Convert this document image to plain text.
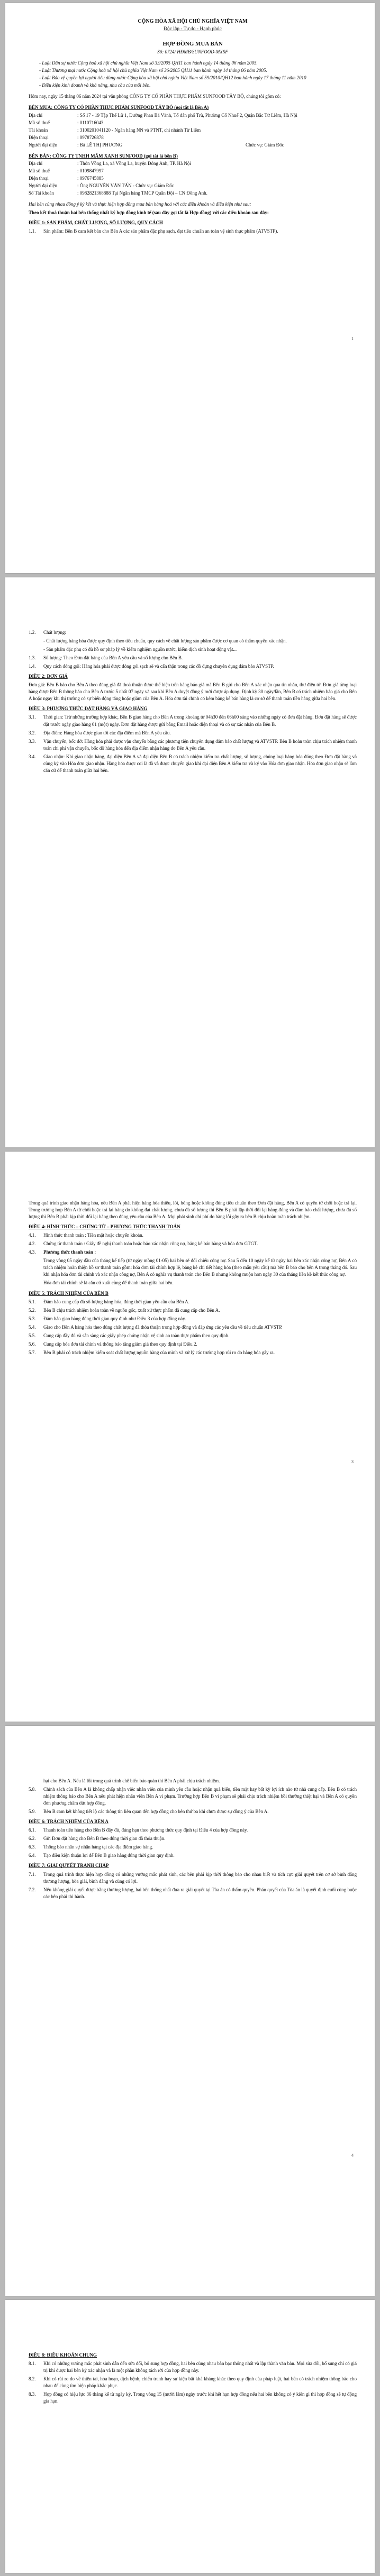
CỘNG HÒA XÃ HỘI CHỦ NGHĨA VIỆT NAM
Độc lập - Tự do - Hạnh phúc
HỢP ĐỒNG MUA BÁN
Số: 0724/ HĐMB/SUNFOOD-MXSF
- Luật Dân sự nước Cộng hoà xã hội chủ nghĩa Việt Nam số 33/2005 QH11 ban hành ngày 14 tháng 06 năm 2005.
- Luật Thương mại nước Cộng hoà xã hội chủ nghĩa Việt Nam số 36/2005 QH11 ban hành ngày 14 tháng 06 năm 2005.
- Luật Bảo vệ quyền lợi người tiêu dùng nước Cộng hòa xã hội chủ nghĩa Việt Nam số 59/2010/QH12 ban hành ngày 17 tháng 11 năm 2010
- Điều kiện kinh doanh và khả năng, nhu cầu của mỗi bên.

Hôm nay, ngày 15 tháng 06 năm 2024 tại văn phòng CÔNG TY CỔ PHẦN THỰC PHẨM SUNFOOD TÂY BỘ, chúng tôi gồm có:

BÊN MUA: CÔNG TY CỔ PHẦN THỰC PHẨM SUNFOOD TÂY BỘ (gọi tắt là Bên A)
Địa chỉ	: Số 17 - 19 Tập Thể Lữ 1, Đường Phan Bá Vành, Tổ dân phố Trù, Phường Cổ Nhuế 2, Quận Bắc Từ Liêm, Hà Nội
Mã số thuế	: 0110716043
Tài khoản	: 3100201041120 - Ngân hàng NN và PTNT, chi nhánh Từ Liêm
Điện thoại	: 0978726878
Người đại diện	: Bà LÊ THỊ PHƯƠNG	Chức vụ: Giám Đốc
BÊN BÁN: CÔNG TY TNHH MĂM XANH SUNFOOD (gọi tắt là bên B)
Địa chỉ	: Thôn Vồng La, xã Vồng La, huyện Đông Anh, TP. Hà Nội
Mã số thuế	: 0109847997
Điện thoại	: 0976745885
Người đại diện	: Ông NGUYỄN VĂN TẤN - Chức vụ: Giám Đốc
Số Tài khoản	: 0982821368888 Tại Ngân hàng TMCP Quân Đội – CN Đông Anh.

Hai bên cùng nhau đồng ý ký kết và thực hiện hợp đồng mua bán hàng hoá với các điều khoản và điều kiện như sau:

Theo kết thoả thuận hai bên thống nhất ký hợp đồng kinh tế (sau đây gọi tắt là Hợp đồng) với các điều khoản sau đây:

ĐIỀU 1: SẢN PHẨM, CHẤT LƯỢNG, SỐ LƯỢNG, QUY CÁCH
1.1.	Sản phẩm: Bên B cam kết bán cho Bên A các sản phẩm đặc phụ sạch, đạt tiêu chuẩn an toàn vệ sinh thực phẩm (ATVSTP).
1
1.2.	Chất lượng:

- Chất lượng hàng hóa được quy định theo tiêu chuẩn, quy cách về chất lượng sản phẩm được cơ quan có thẩm quyền xác nhận.

- Sản phẩm đặc phụ có đủ hồ sơ pháp lý về kiểm nghiệm nguồn nước, kiểm dịch sinh hoạt động vật...

1.3.	Số lượng: Theo Đơn đặt hàng của Bên A yêu cầu và số lượng cho Bên B.
1.4.	Quy cách đóng gói: Hàng hóa phải được đóng gói sạch sẽ và cẩn thận trong các đồ đựng chuyên dụng đảm bảo ATVSTP.
ĐIỀU 2: ĐƠN GIÁ

Đơn giá: Bên B báo cho Bên A theo đúng giá đã thoả thuận được thể hiện trên bảng báo giá mà Bên B gửi cho Bên A xác nhận qua tin nhắn, thư điện tử. Đơn giá từng loại hàng được Bên B thông báo cho Bên A trước 5 nhất 07 ngày và sau khi Bên A duyệt đồng ý mới được áp dụng. Định kỳ 30 ngày/lần, Bên B có trách nhiệm báo giá cho Bên A hoặc ngay khi thị trường có sự biến động tăng hoặc giảm của Bên A. Hóa đơn tài chính có kèm bảng kê bán hàng là cơ sở để thanh toán tiền hàng giữa hai bên.

ĐIỀU 3: PHƯƠNG THỨC ĐẶT HÀNG VÀ GIAO HÀNG
3.1.	Thời gian: Trừ những trường hợp khác, Bên B giao hàng cho Bên A trong khoảng từ 04h30 đến 06h00 sáng vào những ngày có đơn đặt hàng. Đơn đặt hàng sẽ được đặt trước ngày giao hàng 01 (một) ngày. Đơn đặt hàng được gửi bằng Email hoặc điện thoại và có sự xác nhận của Bên B.
3.2.	Địa điểm: Hàng hóa được giao tới các địa điểm mà Bên A yêu cầu.
3.3.	Vận chuyển, bốc dỡ: Hàng hóa phải được vận chuyển bằng các phương tiện chuyên dụng đảm bảo chất lượng và ATVSTP. Bên B hoàn toàn chịu trách nhiệm thanh toán chi phí vận chuyển, bốc dỡ hàng hóa đến địa điểm nhận hàng do Bên A yêu cầu.
3.4.	Giao nhận: Khi giao nhận hàng, đại diện Bên A và đại diện Bên B có trách nhiệm kiểm tra chất lượng, số lượng, chủng loại hàng hóa đúng theo Đơn đặt hàng và cùng ký vào Hóa đơn giao nhận. Hàng hóa được coi là đã và được chuyển giao khi đại diện Bên A kiểm tra và ký vào Hóa đơn giao nhận. Hóa đơn giao nhận sẽ làm căn cứ để thanh toán giữa hai bên.

Trong quá trình giao nhận hàng hóa, nếu Bên A phát hiện hàng hóa thiếu, lỗi, hỏng hoặc không đúng tiêu chuẩn theo Đơn đặt hàng, Bên A có quyền từ chối hoặc trả lại. Trong trường hợp Bên A từ chối hoặc trả lại hàng do không đạt chất lượng, chưa đủ số lượng thì Bên B phải lập thời đổi lại hàng đúng và đảm bảo chất lượng, chưa đủ số lượng thì Bên B phải kịp thời đổi lại hàng theo đúng yêu cầu của Bên A. Mọi phát sinh chi phí do hàng lỗi gây ra bên B chịu hoàn toàn trách nhiệm.

ĐIỀU 4: HÌNH THỨC – CHỨNG TỪ – PHƯƠNG THỨC THANH TOÁN
4.1.	Hình thức thanh toán : Tiền mặt hoặc chuyển khoản.
4.2.	Chứng từ thanh toán : Giấy đề nghị thanh toán hoặc bảo xác nhận công nợ, bảng kê bán hàng và hóa đơn GTGT.
4.3.	Phương thức thanh toán :

Trong vòng 05 ngày đầu của tháng kế tiếp (từ ngày mồng 01-05) hai bên sẽ đối chiếu công nợ. Sau 5 đến 10 ngày kể từ ngày hai bên xác nhận công nợ, Bên A có trách nhiệm hoàn thiện hồ sơ thanh toán gồm: hóa đơn tài chính hợp lệ, bảng kê chi tiết hàng hóa (theo mẫu yêu cầu) mà bên B báo cho bên A trong tháng đó. Sau khi nhận hóa đơn tài chính và xác nhận công nợ, Bên A có nghĩa vụ thanh toán cho Bên B nhưng không muộn hơn ngày 30 của tháng liền kề kết thúc công nợ.

Hóa đơn tài chính sẽ là căn cứ xuất cùng để thanh toán giữa hai bên.

ĐIỀU 5: TRÁCH NHIỆM CỦA BÊN B
5.1.	Đảm bảo cung cấp đủ số lượng hàng hóa, đúng thời gian yêu cầu của Bên A.
5.2.	Bên B chịu trách nhiệm hoàn toàn về nguồn gốc, xuất xứ thực phẩm đã cung cấp cho Bên A.
5.3.	Đảm bảo giao hàng đúng thời gian quy định như Điều 3 của hợp đồng này.
5.4.	Giao cho Bên A hàng hóa theo đúng chất lượng đã thỏa thuận trong hợp đồng và đáp ứng các yêu cầu về tiêu chuẩn ATVSTP.
5.5.	Cung cấp đầy đủ và sẵn sàng các giấy phép chứng nhận vệ sinh an toàn thực phẩm theo quy định.
5.6.	Cung cấp hóa đơn tài chính và thông báo tăng giảm giá theo quy định tại Điều 2.
5.7.	Bên B phải có trách nhiệm kiểm soát chất lượng nguồn hàng của mình và xử lý các trường hợp rủi ro do hàng hóa gây ra.
3

hại cho Bên A. Nếu là lỗi trong quá trình chế biến bảo quản thì Bên A phải chịu trách nhiệm.

5.8.	Chính sách của Bên A là không chấp nhận việc nhân viên của mình yêu cầu hoặc nhận quà biếu, tiền mặt hay bất kỳ lợi ích nào từ nhà cung cấp. Bên B có trách nhiệm thông báo cho Bên A nếu phát hiện nhân viên Bên A vi phạm. Trường hợp Bên B vi phạm sẽ phải chịu trách nhiệm bồi thường thiệt hại và Bên A có quyền đơn phương chấm dứt hợp đồng.
5.9.	Bên B cam kết không tiết lộ các thông tin liên quan đến hợp đồng cho bên thứ ba khi chưa được sự đồng ý của Bên A.
ĐIỀU 6: TRÁCH NHIỆM CỦA BÊN A
6.1.	Thanh toán tiền hàng cho Bên B đầy đủ, đúng hạn theo phương thức quy định tại Điều 4 của hợp đồng này.
6.2.	Gửi Đơn đặt hàng cho Bên B theo đúng thời gian đã thỏa thuận.
6.3.	Thông báo nhân sự nhận hàng tại các địa điểm giao hàng.
6.4.	Tạo điều kiện thuận lợi để Bên B giao hàng đúng thời gian quy định.
ĐIỀU 7: GIẢI QUYẾT TRANH CHẤP
7.1.	Trong quá trình thực hiện hợp đồng có những vướng mắc phát sinh, các bên phải kịp thời thông báo cho nhau biết và tích cực giải quyết trên cơ sở bình đẳng thương lượng, hòa giải, bình đẳng và cùng có lợi.
7.2.	Nếu không giải quyết được bằng thương lượng, hai bên thống nhất đưa ra giải quyết tại Tòa án có thẩm quyền. Phán quyết của Tòa án là quyết định cuối cùng buộc các bên phải thi hành.
4
ĐIỀU 8: ĐIỀU KHOẢN CHUNG
8.1.	Khi có những vướng mắc phát sinh dẫn đến sửa đổi, bổ sung hợp đồng, hai bên cùng nhau bàn bạc thống nhất và lập thành văn bản. Mọi sửa đổi, bổ sung chỉ có giá trị khi được hai bên ký xác nhận và là một phần không tách rời của hợp đồng này.
8.2.	Khi có rủi ro do về thiên tai, hỏa hoạn, dịch bệnh, chiến tranh hay sự kiện bất khả kháng khác theo quy định của pháp luật, hai bên có trách nhiệm thông báo cho nhau để cùng tìm biện pháp khắc phục.
8.3.	Hợp đồng có hiệu lực 36 tháng kể từ ngày ký. Trong vòng 15 (mười lăm) ngày trước khi hết hạn hợp đồng nếu hai bên không có ý kiến gì thì hợp đồng sẽ tự động gia hạn.
